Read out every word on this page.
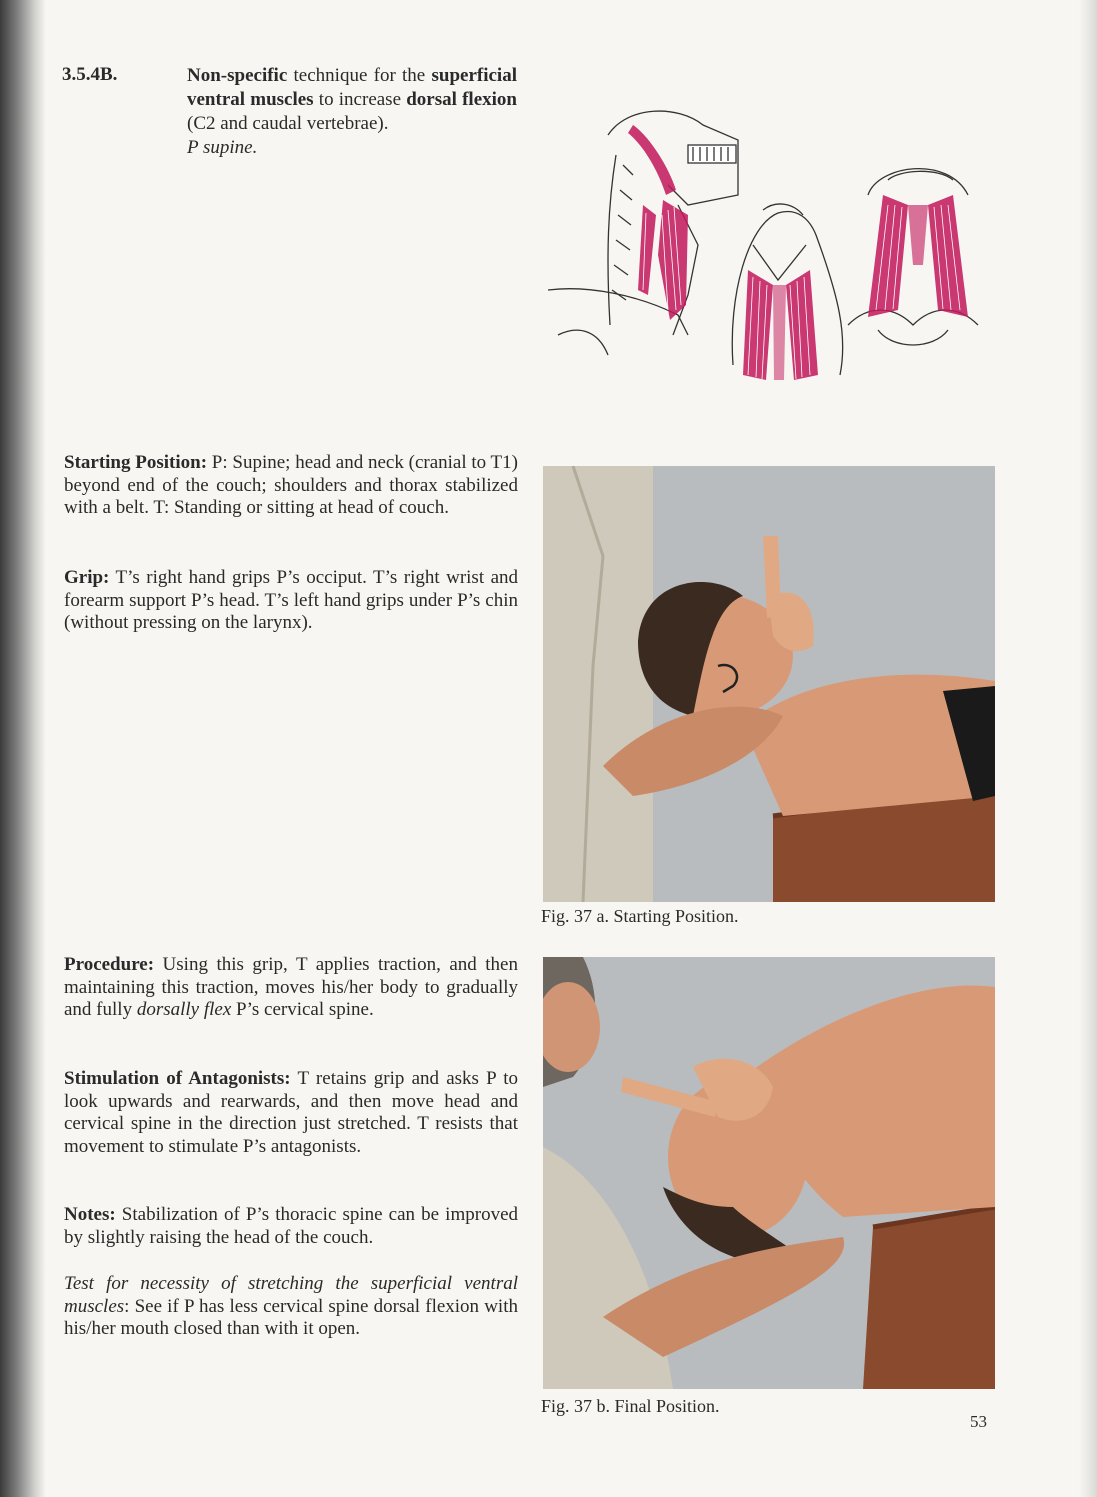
3.5.4B.	Non-specific technique for the superficial ventral muscles to increase dorsal flexion (C2 and caudal vertebrae).
P supine.
Starting Position: P: Supine; head and neck (cranial to T1) beyond end of the couch; shoulders and thorax stabilized with a belt. T: Standing or sitting at head of couch.
Grip: T’s right hand grips P’s occiput. T’s right wrist and forearm support P’s head. T’s left hand grips under P’s chin (without pressing on the larynx).
Fig. 37 a. Starting Position.
Procedure: Using this grip, T applies traction, and then maintaining this traction, moves his/her body to gradually and fully dorsally flex P’s cervical spine.
Stimulation of Antagonists: T retains grip and asks P to look upwards and rearwards, and then move head and cervical spine in the direction just stretched. T resists that movement to stimulate P’s antagonists.
Notes: Stabilization of P’s thoracic spine can be improved by slightly raising the head of the couch.
Test for necessity of stretching the superficial ventral muscles: See if P has less cervical spine dorsal flexion with his/her mouth closed than with it open.
Fig. 37 b. Final Position.
53
